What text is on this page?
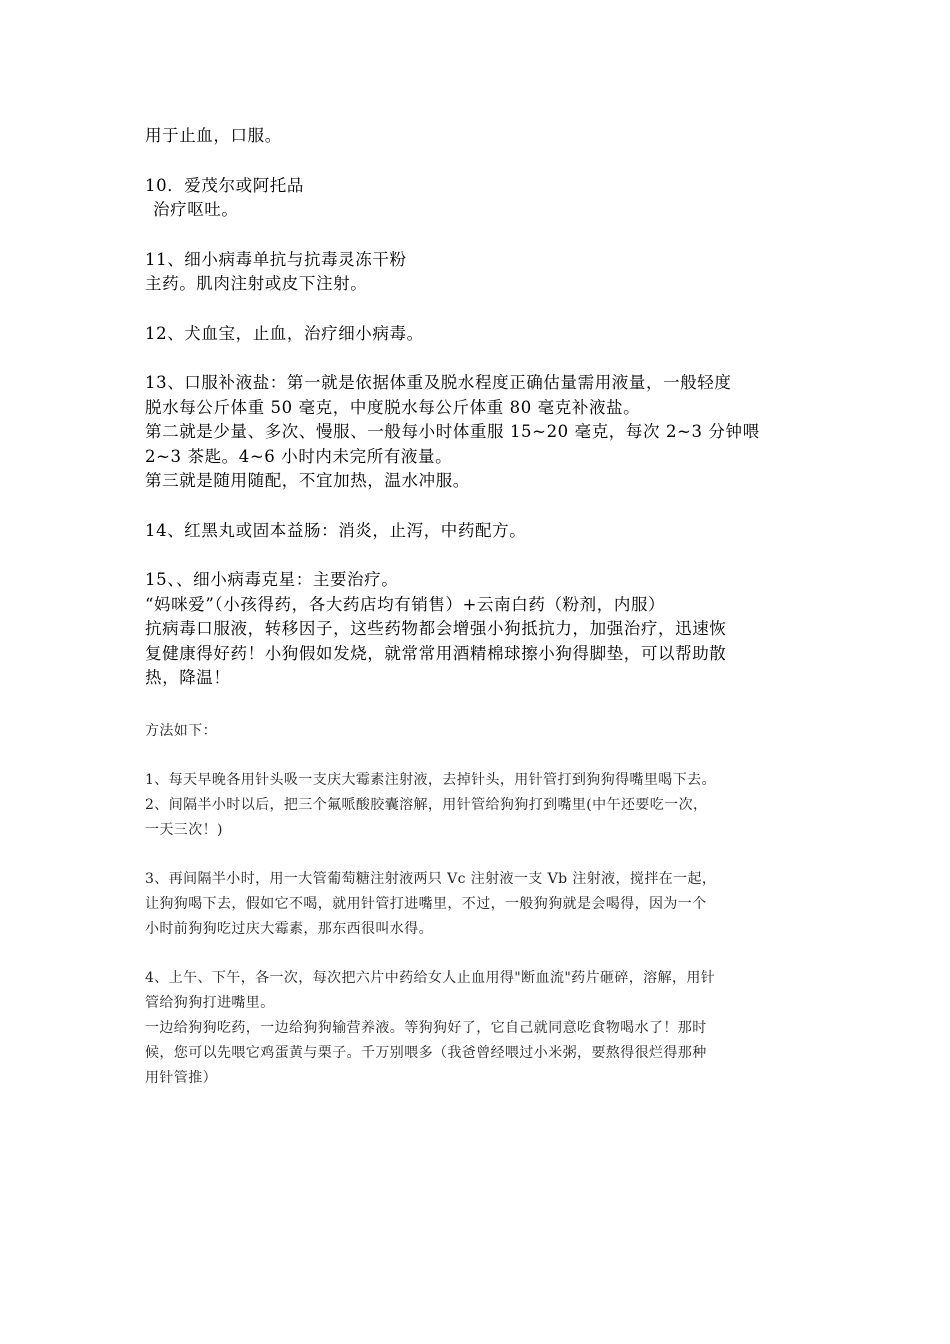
用于止血，口服。

10．爱茂尔或阿托品

治疗呕吐。

11、细小病毒单抗与抗毒灵冻干粉

主药。肌肉注射或皮下注射。

12、犬血宝，止血，治疗细小病毒。

13、口服补液盐：第一就是依据体重及脱水程度正确估量需用液量，一般轻度

脱水每公斤体重 50 毫克，中度脱水每公斤体重 80 毫克补液盐。

第二就是少量、多次、慢服、一般每小时体重服 15~20 毫克，每次 2~3 分钟喂

2~3 茶匙。4~6 小时内未完所有液量。

第三就是随用随配，不宜加热，温水冲服。

14、红黑丸或固本益肠：消炎，止泻，中药配方。

15、、细小病毒克星：主要治疗。

“妈咪爱”（小孩得药，各大药店均有销售）+云南白药（粉剂，内服）

抗病毒口服液，转移因子，这些药物都会增强小狗抵抗力，加强治疗，迅速恢

复健康得好药！小狗假如发烧，就常常用酒精棉球擦小狗得脚垫，可以帮助散

热，降温！

方法如下：

1、每天早晚各用针头吸一支庆大霉素注射液，去掉针头，用针管打到狗狗得嘴里喝下去。

2、间隔半小时以后，把三个氟哌酸胶囊溶解，用针管给狗狗打到嘴里(中午还要吃一次，

一天三次！)

3、再间隔半小时，用一大管葡萄糖注射液两只 Vc 注射液一支 Vb 注射液，搅拌在一起，

让狗狗喝下去，假如它不喝，就用针管打进嘴里，不过，一般狗狗就是会喝得，因为一个

小时前狗狗吃过庆大霉素，那东西很叫水得。

4、上午、下午，各一次，每次把六片中药给女人止血用得"断血流"药片砸碎，溶解，用针

管给狗狗打进嘴里。

一边给狗狗吃药，一边给狗狗输营养液。等狗狗好了，它自己就同意吃食物喝水了！那时

候，您可以先喂它鸡蛋黄与栗子。千万别喂多（我爸曾经喂过小米粥，要熬得很烂得那种

用针管推）
